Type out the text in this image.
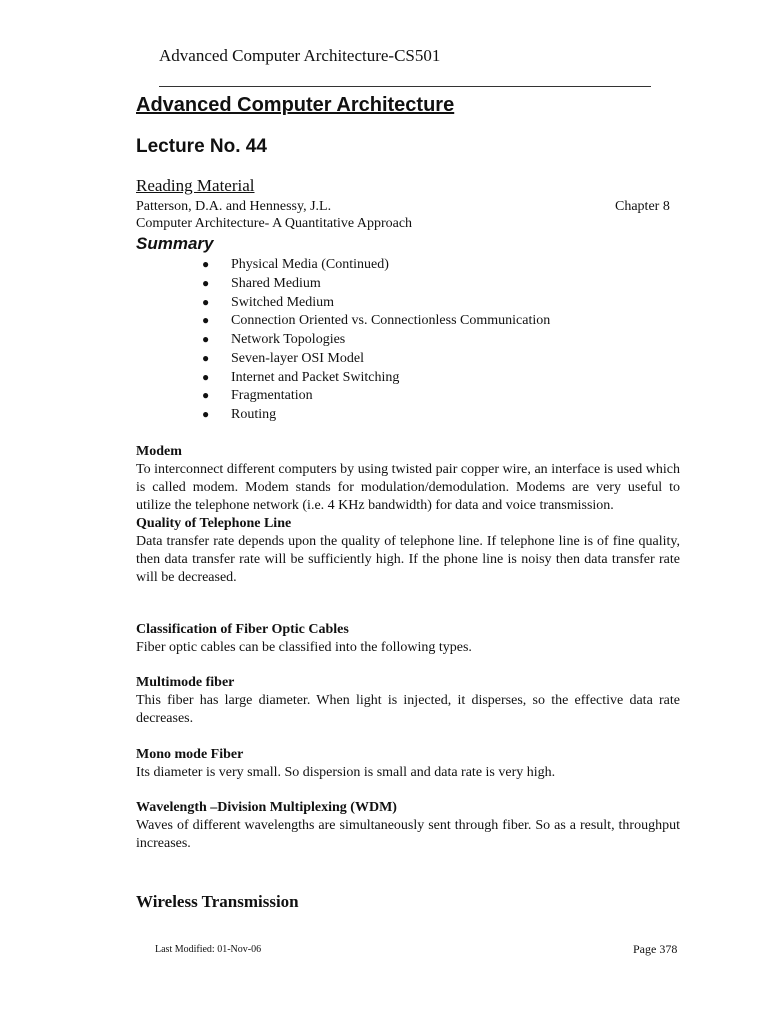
Advanced Computer Architecture-CS501
Advanced Computer Architecture
Lecture No. 44
Reading Material
Patterson, D.A. and Hennessy, J.L.	Chapter 8
Computer Architecture- A Quantitative Approach
Summary
● Physical Media (Continued)
● Shared Medium
● Switched Medium
● Connection Oriented vs. Connectionless Communication
● Network Topologies
● Seven-layer OSI Model
● Internet and Packet Switching
● Fragmentation
● Routing
Modem

To interconnect different computers by using twisted pair copper wire, an interface is used which is called modem. Modem stands for modulation/demodulation. Modems are very useful to utilize the telephone network (i.e. 4 KHz bandwidth) for data and voice transmission.

Quality of Telephone Line

Data transfer rate depends upon the quality of telephone line. If telephone line is of fine quality, then data transfer rate will be sufficiently high. If the phone line is noisy then data transfer rate will be decreased.

Classification of Fiber Optic Cables

Fiber optic cables can be classified into the following types.

Multimode fiber

This fiber has large diameter. When light is injected, it disperses, so the effective data rate decreases.

Mono mode Fiber

Its diameter is very small. So dispersion is small and data rate is very high.

Wavelength –Division Multiplexing (WDM)

Waves of different wavelengths are simultaneously sent through fiber. So as a result, throughput increases.

Wireless Transmission
Last Modified: 01-Nov-06	Page 378
